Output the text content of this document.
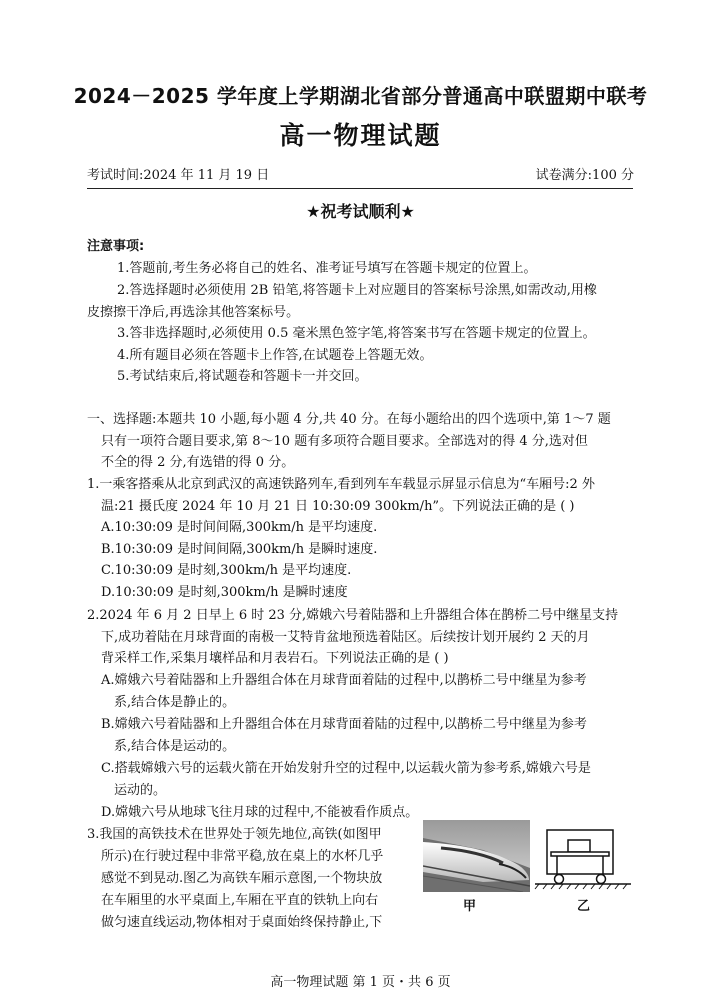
2024－2025 学年度上学期湖北省部分普通高中联盟期中联考
高一物理试题
考试时间:2024 年 11 月 19 日	试卷满分:100 分
★祝考试顺利★
注意事项:
1.答题前,考生务必将自己的姓名、准考证号填写在答题卡规定的位置上。
2.答选择题时必须使用 2B 铅笔,将答题卡上对应题目的答案标号涂黑,如需改动,用橡
皮擦擦干净后,再选涂其他答案标号。
3.答非选择题时,必须使用 0.5 毫米黑色签字笔,将答案书写在答题卡规定的位置上。
4.所有题目必须在答题卡上作答,在试题卷上答题无效。
5.考试结束后,将试题卷和答题卡一并交回。
一、选择题:本题共 10 小题,每小题 4 分,共 40 分。在每小题给出的四个选项中,第 1～7 题
只有一项符合题目要求,第 8～10 题有多项符合题目要求。全部选对的得 4 分,选对但
不全的得 2 分,有选错的得 0 分。
1.一乘客搭乘从北京到武汉的高速铁路列车,看到列车车载显示屏显示信息为“车厢号:2 外
温:21 摄氏度 2024 年 10 月 21 日 10:30:09 300km/h”。下列说法正确的是 ( )
A.10:30:09 是时间间隔,300km/h 是平均速度.
B.10:30:09 是时间间隔,300km/h 是瞬时速度.
C.10:30:09 是时刻,300km/h 是平均速度.
D.10:30:09 是时刻,300km/h 是瞬时速度
2.2024 年 6 月 2 日早上 6 时 23 分,嫦娥六号着陆器和上升器组合体在鹊桥二号中继星支持
下,成功着陆在月球背面的南极一艾特肯盆地预选着陆区。后续按计划开展约 2 天的月
背采样工作,采集月壤样品和月表岩石。下列说法正确的是 ( )
A.嫦娥六号着陆器和上升器组合体在月球背面着陆的过程中,以鹊桥二号中继星为参考
系,结合体是静止的。
B.嫦娥六号着陆器和上升器组合体在月球背面着陆的过程中,以鹊桥二号中继星为参考
系,结合体是运动的。
C.搭载嫦娥六号的运载火箭在开始发射升空的过程中,以运载火箭为参考系,嫦娥六号是
运动的。
D.嫦娥六号从地球飞往月球的过程中,不能被看作质点。
3.我国的高铁技术在世界处于领先地位,高铁(如图甲
所示)在行驶过程中非常平稳,放在桌上的水杯几乎
感觉不到晃动.图乙为高铁车厢示意图,一个物块放
在车厢里的水平桌面上,车厢在平直的铁轨上向右
做匀速直线运动,物体相对于桌面始终保持静止,下
甲	乙
高一物理试题 第 1 页・共 6 页
